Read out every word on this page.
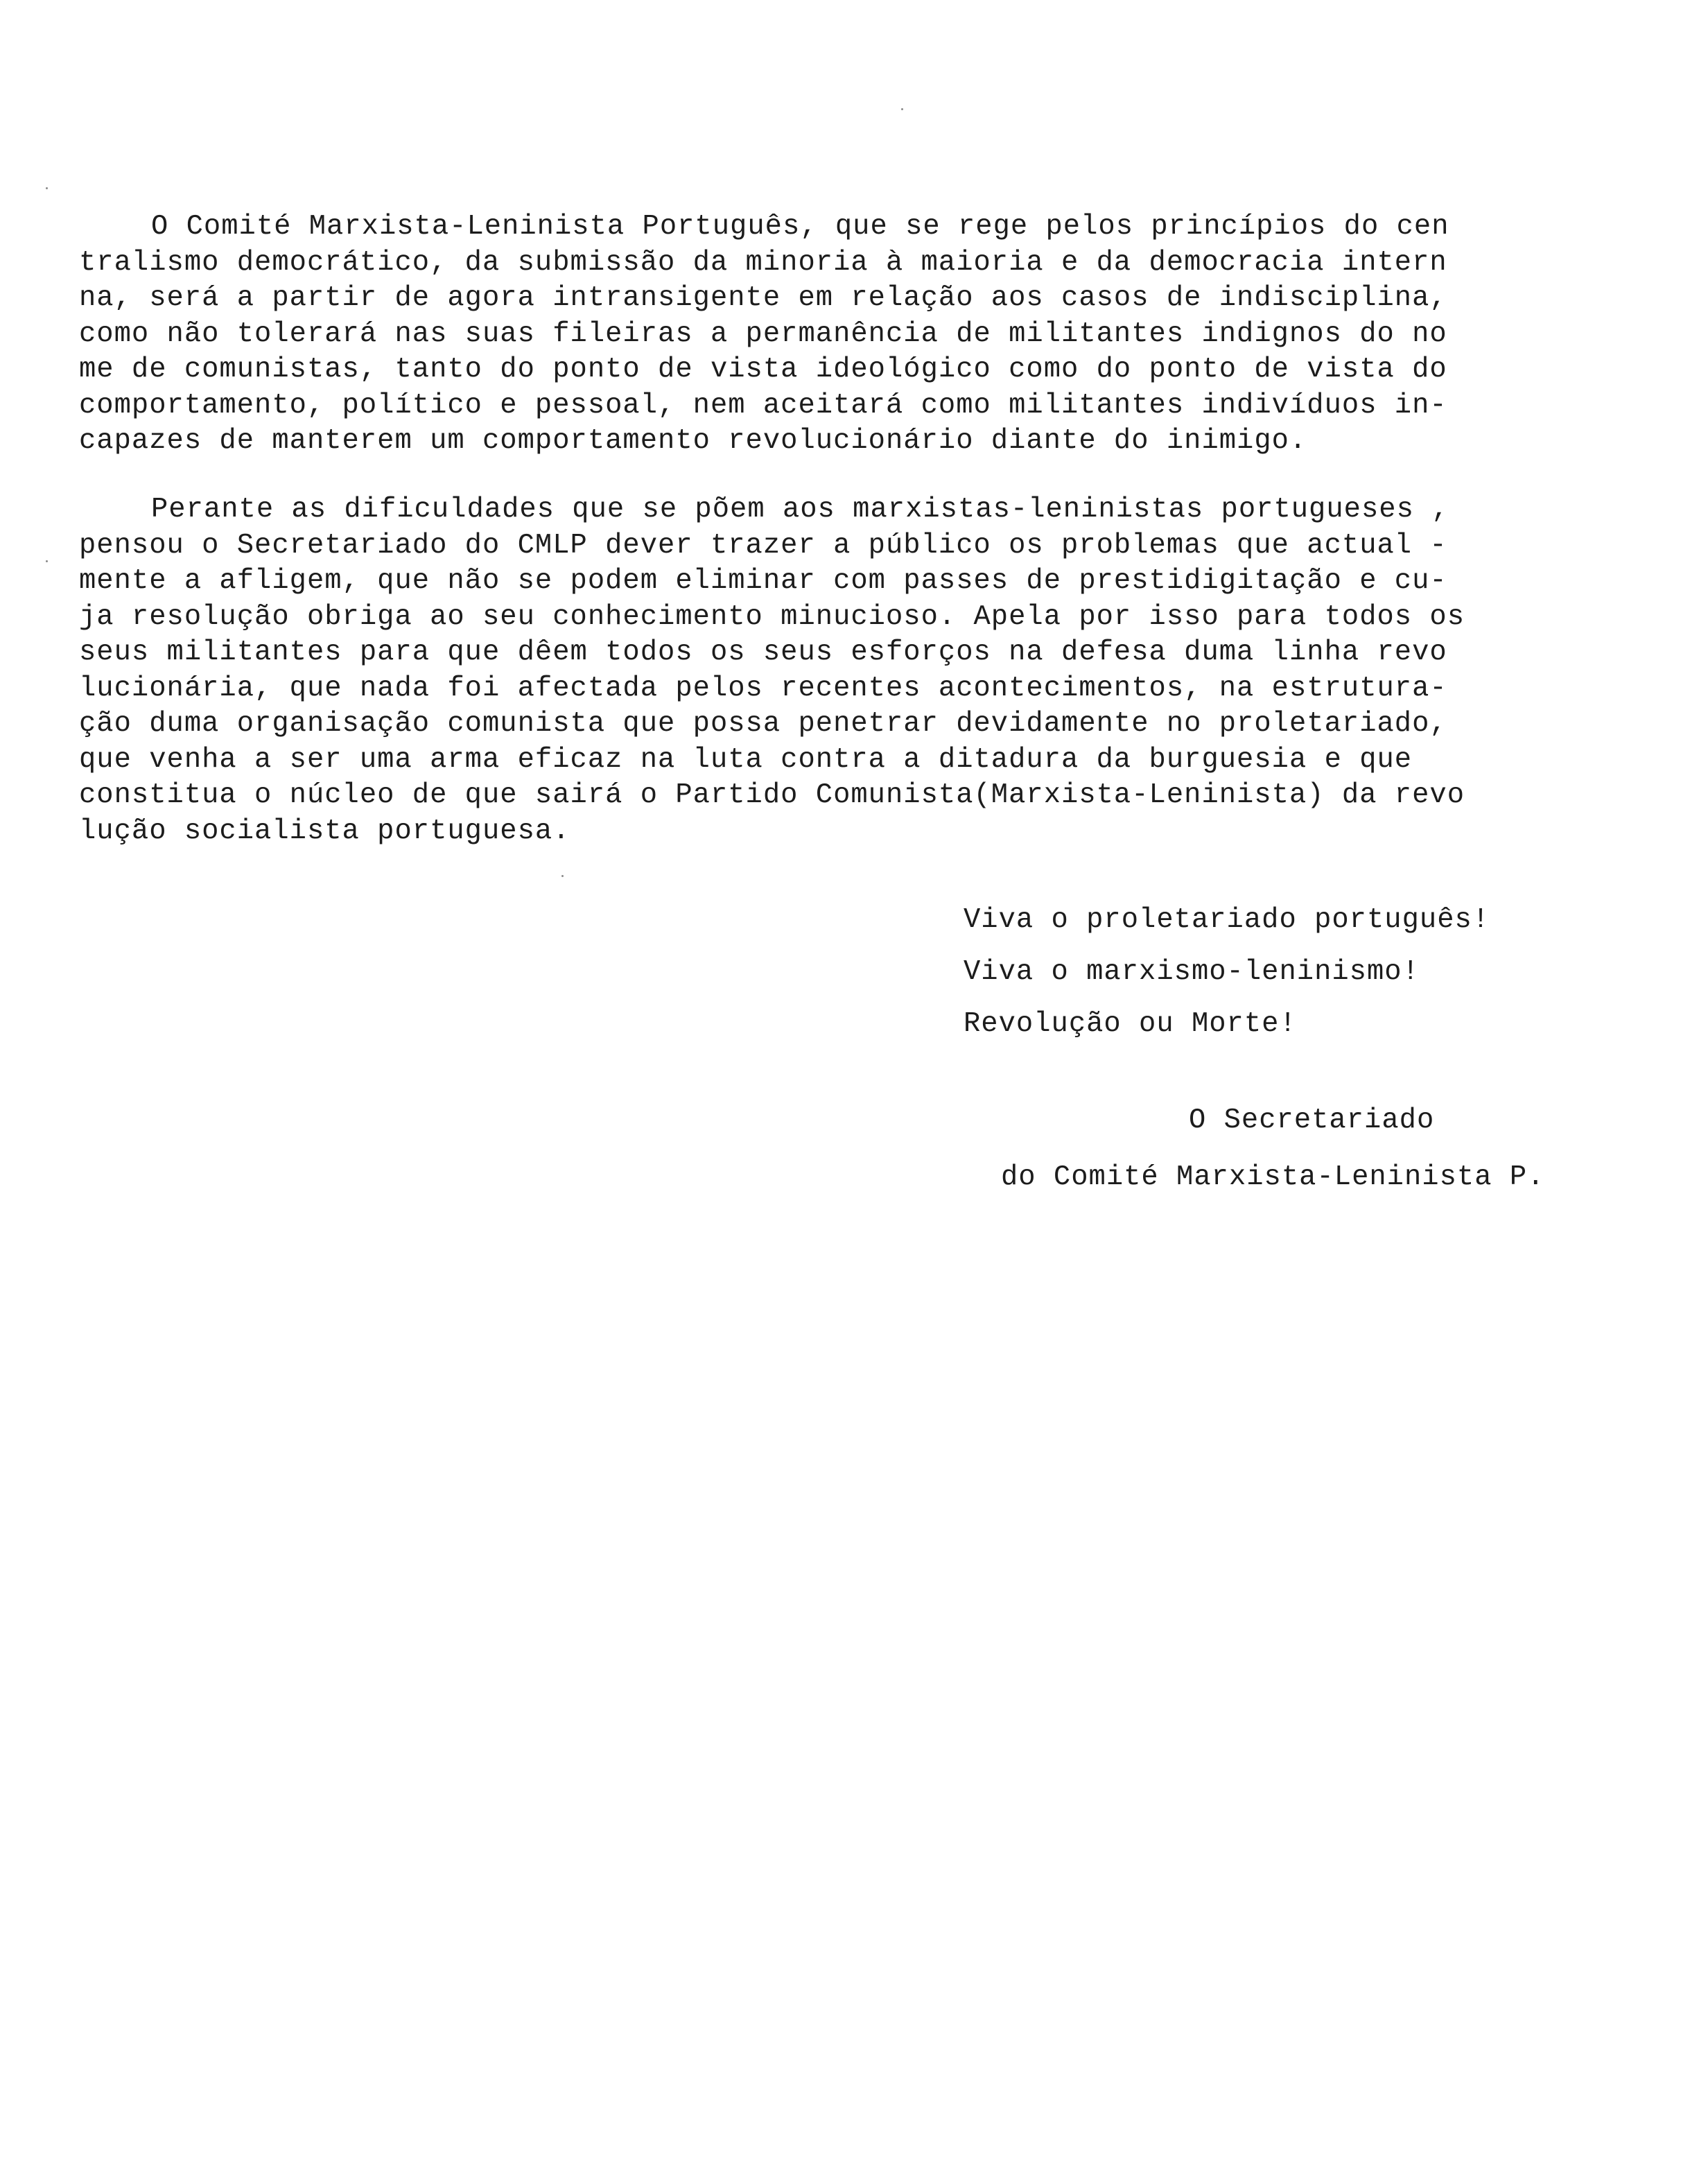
O Comité Marxista-Leninista Português, que se rege pelos princípios do cen
tralismo democrático, da submissão da minoria à maioria e da democracia intern
na, será a partir de agora intransigente em relação aos casos de indisciplina,
como não tolerará nas suas fileiras a permanência de militantes indignos do no
me de comunistas, tanto do ponto de vista ideológico como do ponto de vista do
comportamento, político e pessoal, nem aceitará como militantes indivíduos in-
capazes de manterem um comportamento revolucionário diante do inimigo.
Perante as dificuldades que se põem aos marxistas-leninistas portugueses ,
pensou o Secretariado do CMLP dever trazer a público os problemas que actual -
mente a afligem, que não se podem eliminar com passes de prestidigitação e cu-
ja resolução obriga ao seu conhecimento minucioso. Apela por isso para todos os
seus militantes para que dêem todos os seus esforços na defesa duma linha revo
lucionária, que nada foi afectada pelos recentes acontecimentos, na estrutura-
ção duma organisação comunista que possa penetrar devidamente no proletariado,
que venha a ser uma arma eficaz na luta contra a ditadura da burguesia e que
constitua o núcleo de que sairá o Partido Comunista(Marxista-Leninista) da revo
lução socialista portuguesa.
Viva o proletariado português!
Viva o marxismo-leninismo!
Revolução ou Morte!
O Secretariado
do Comité Marxista-Leninista P.
